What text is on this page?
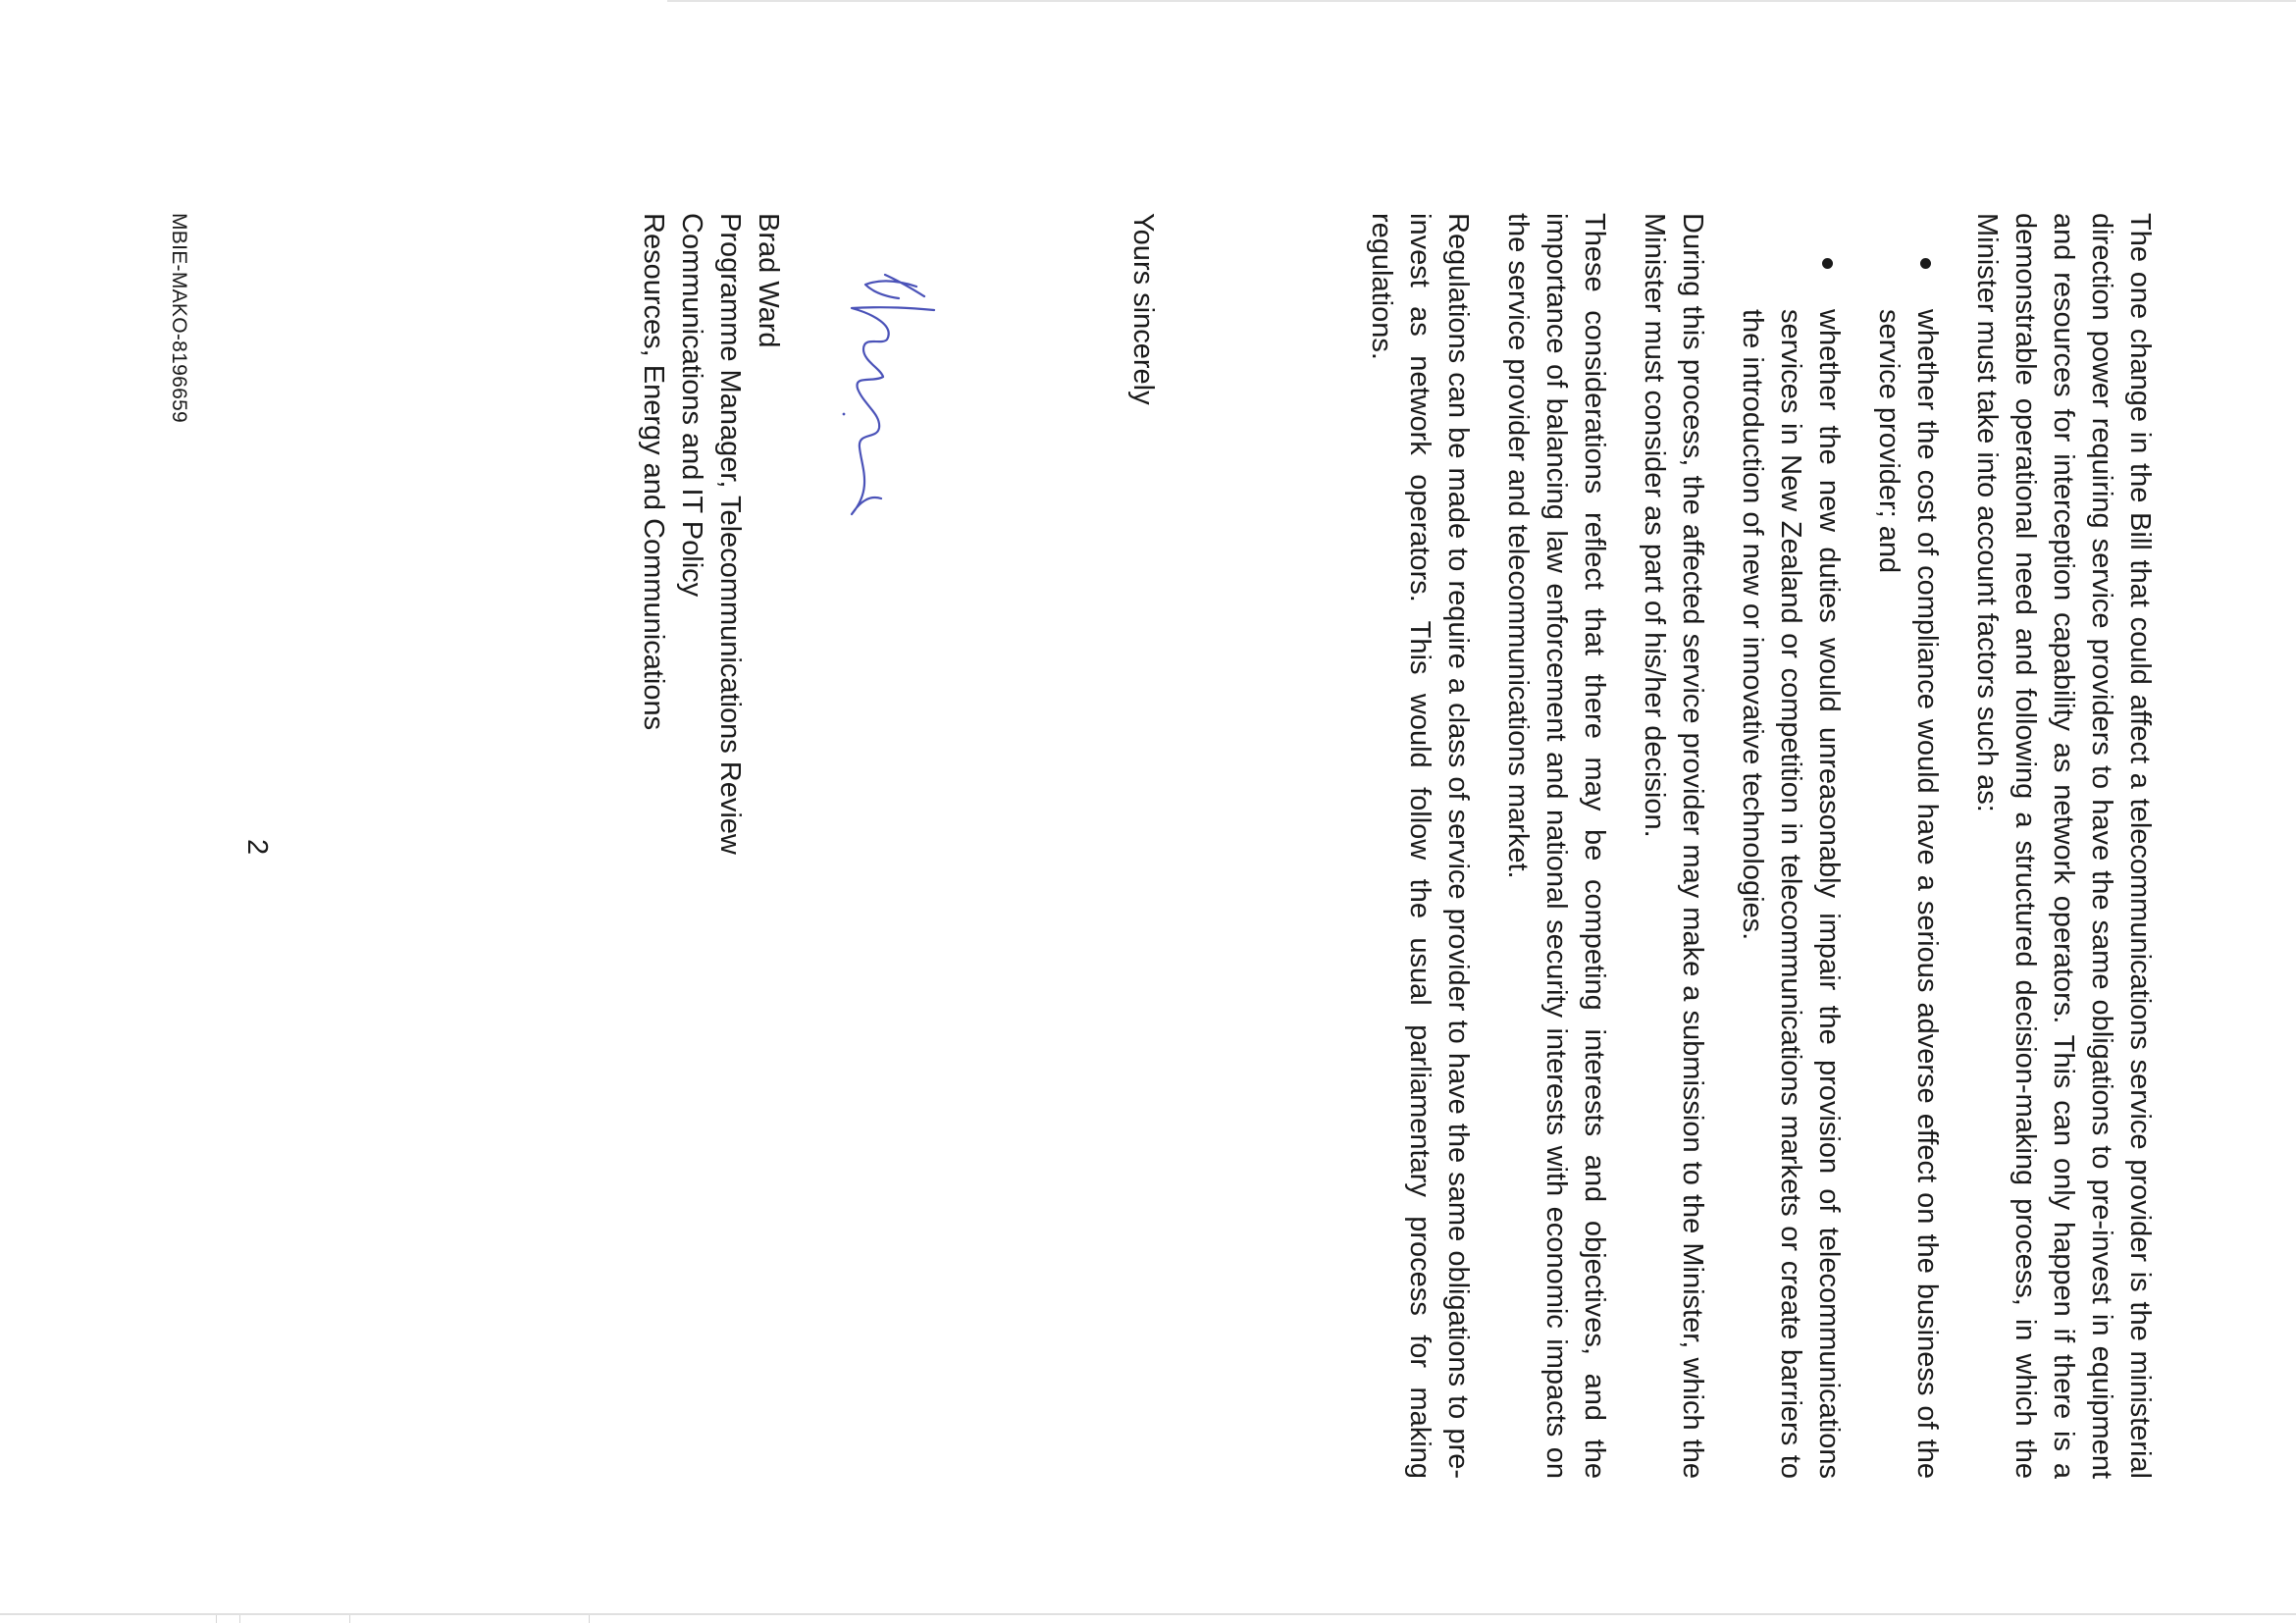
2	The one change in the Bill that could affect a telecommunications service provider is the ministerial direction power requiring service providers to have the same obligations to pre-invest in equipment and resources for interception capability as network operators. This can only happen if there is a demonstrable operational need and following a structured decision-making process, in which the Minister must take into account factors such as:

whether the cost of compliance would have a serious adverse effect on the business of the service provider; and
whether the new duties would unreasonably impair the provision of telecommunications services in New Zealand or competition in telecommunications markets or create barriers to the introduction of new or innovative technologies.

During this process, the affected service provider may make a submission to the Minister, which the Minister must consider as part of his/her decision.

These considerations reflect that there may be competing interests and objectives, and the importance of balancing law enforcement and national security interests with economic impacts on the service provider and telecommunications market.

Regulations can be made to require a class of service provider to have the same obligations to pre-invest as network operators. This would follow the usual parliamentary process for making regulations.

Yours sincerely
Brad Ward
Programme Manager, Telecommunications Review
Communications and IT Policy
Resources, Energy and Communications
MBIE-MAKO-8196659
